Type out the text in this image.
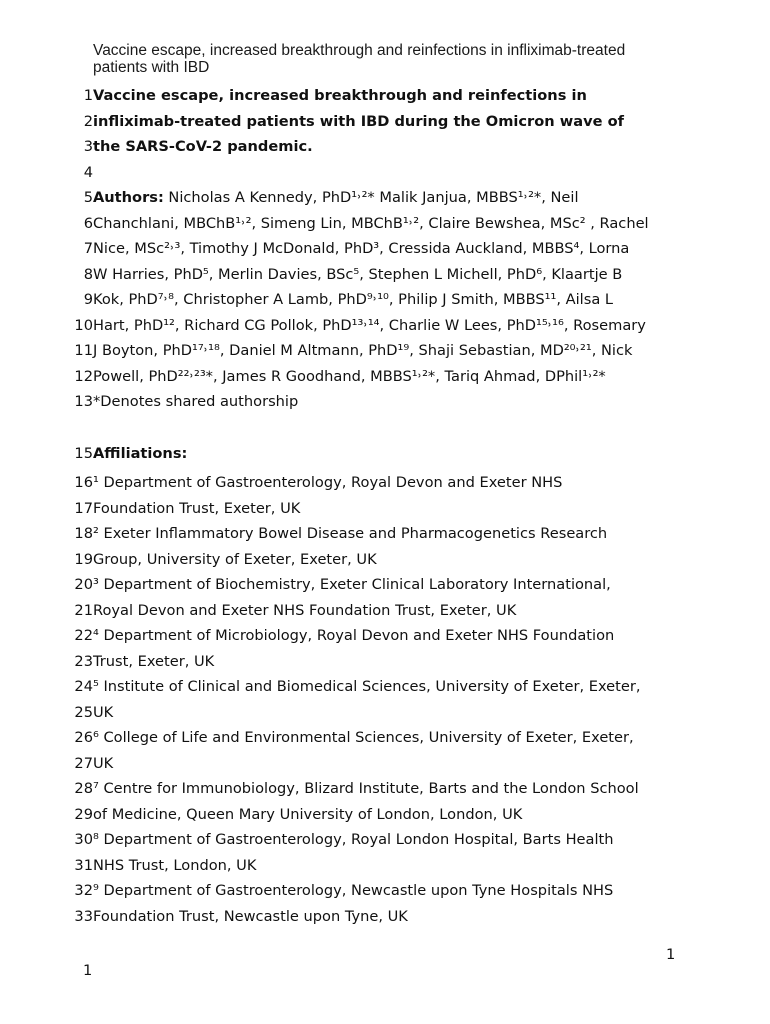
Vaccine escape, increased breakthrough and reinfections in infliximab-treated patients with IBD
1 Vaccine escape, increased breakthrough and reinfections in
2 infliximab-treated patients with IBD during the Omicron wave of
3 the SARS-CoV-2 pandemic.
4
5 Authors: Nicholas A Kennedy, PhD¹˒²* Malik Janjua, MBBS¹˒²*, Neil
6 Chanchlani, MBChB¹˒², Simeng Lin, MBChB¹˒², Claire Bewshea, MSc² , Rachel
7 Nice, MSc²˒³, Timothy J McDonald, PhD³, Cressida Auckland, MBBS⁴, Lorna
8 W Harries, PhD⁵, Merlin Davies, BSc⁵, Stephen L Michell, PhD⁶, Klaartje B
9 Kok, PhD⁷˒⁸, Christopher A Lamb, PhD⁹˒¹⁰, Philip J Smith, MBBS¹¹, Ailsa L
10 Hart, PhD¹², Richard CG Pollok, PhD¹³˒¹⁴, Charlie W Lees, PhD¹⁵˒¹⁶, Rosemary
11 J Boyton, PhD¹⁷˒¹⁸, Daniel M Altmann, PhD¹⁹, Shaji Sebastian, MD²⁰˒²¹, Nick
12 Powell, PhD²²˒²³*, James R Goodhand, MBBS¹˒²*, Tariq Ahmad, DPhil¹˒²*
13 *Denotes shared authorship
15 Affiliations:
16 ¹ Department of Gastroenterology, Royal Devon and Exeter NHS
17 Foundation Trust, Exeter, UK
18 ² Exeter Inflammatory Bowel Disease and Pharmacogenetics Research
19 Group, University of Exeter, Exeter, UK
20 ³ Department of Biochemistry, Exeter Clinical Laboratory International,
21 Royal Devon and Exeter NHS Foundation Trust, Exeter, UK
22 ⁴ Department of Microbiology, Royal Devon and Exeter NHS Foundation
23 Trust, Exeter, UK
24 ⁵ Institute of Clinical and Biomedical Sciences, University of Exeter, Exeter,
25 UK
26 ⁶ College of Life and Environmental Sciences, University of Exeter, Exeter,
27 UK
28 ⁷ Centre for Immunobiology, Blizard Institute, Barts and the London School
29 of Medicine, Queen Mary University of London, London, UK
30 ⁸ Department of Gastroenterology, Royal London Hospital, Barts Health
31 NHS Trust, London, UK
32 ⁹ Department of Gastroenterology, Newcastle upon Tyne Hospitals NHS
33 Foundation Trust, Newcastle upon Tyne, UK
1
1
